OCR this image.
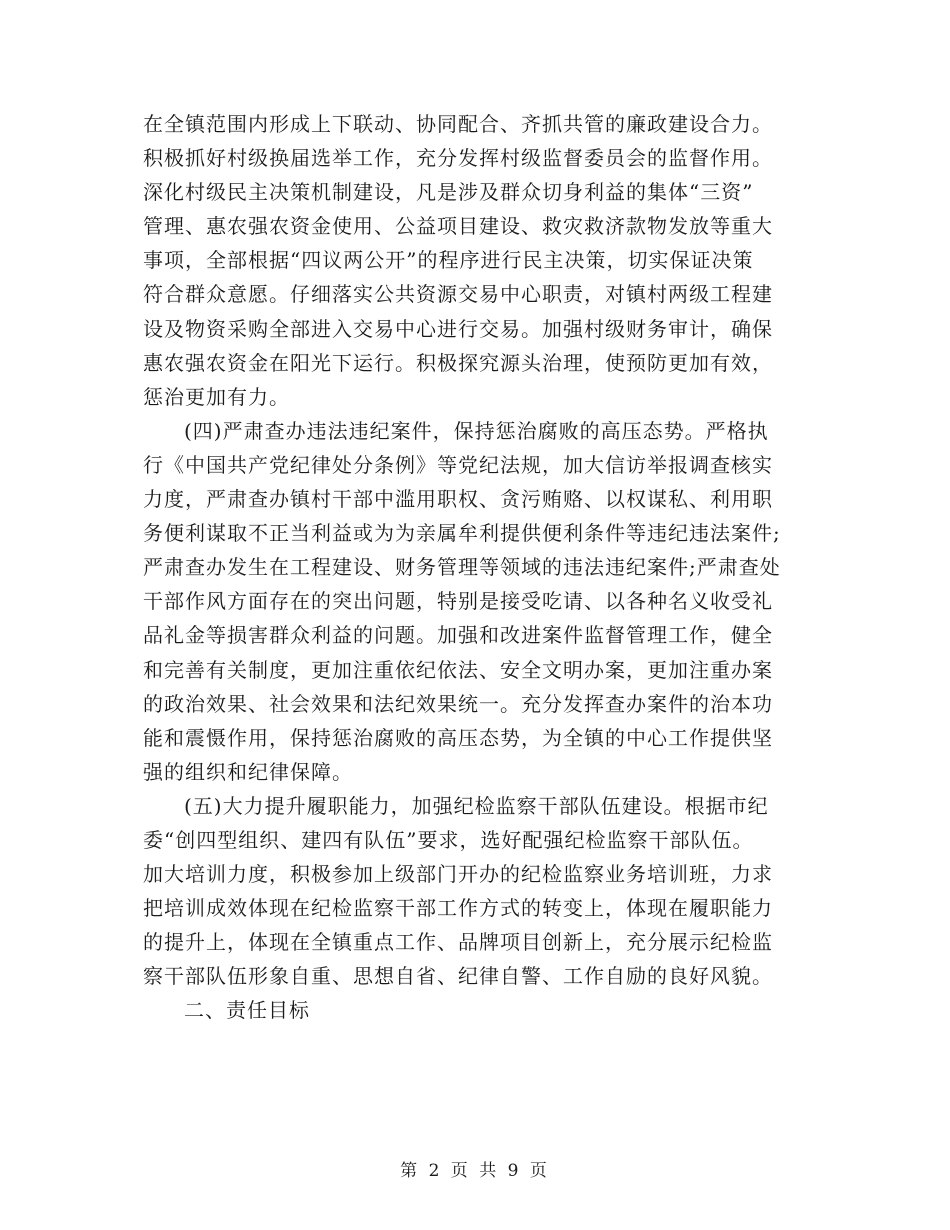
在全镇范围内形成上下联动、协同配合、齐抓共管的廉政建设合力。
积极抓好村级换届选举工作，充分发挥村级监督委员会的监督作用。
深化村级民主决策机制建设，凡是涉及群众切身利益的集体“三资”
管理、惠农强农资金使用、公益项目建设、救灾救济款物发放等重大
事项，全部根据“四议两公开”的程序进行民主决策，切实保证决策
符合群众意愿。仔细落实公共资源交易中心职责，对镇村两级工程建
设及物资采购全部进入交易中心进行交易。加强村级财务审计，确保
惠农强农资金在阳光下运行。积极探究源头治理，使预防更加有效，
惩治更加有力。
(四)严肃查办违法违纪案件，保持惩治腐败的高压态势。严格执
行《中国共产党纪律处分条例》等党纪法规，加大信访举报调查核实
力度，严肃查办镇村干部中滥用职权、贪污贿赂、以权谋私、利用职
务便利谋取不正当利益或为为亲属牟利提供便利条件等违纪违法案件;
严肃查办发生在工程建设、财务管理等领域的违法违纪案件;严肃查处
干部作风方面存在的突出问题，特别是接受吃请、以各种名义收受礼
品礼金等损害群众利益的问题。加强和改进案件监督管理工作，健全
和完善有关制度，更加注重依纪依法、安全文明办案，更加注重办案
的政治效果、社会效果和法纪效果统一。充分发挥查办案件的治本功
能和震慑作用，保持惩治腐败的高压态势，为全镇的中心工作提供坚
强的组织和纪律保障。
(五)大力提升履职能力，加强纪检监察干部队伍建设。根据市纪
委“创四型组织、建四有队伍”要求，选好配强纪检监察干部队伍。
加大培训力度，积极参加上级部门开办的纪检监察业务培训班，力求
把培训成效体现在纪检监察干部工作方式的转变上，体现在履职能力
的提升上，体现在全镇重点工作、品牌项目创新上，充分展示纪检监
察干部队伍形象自重、思想自省、纪律自警、工作自励的良好风貌。
二、责任目标
第 2 页 共 9 页
